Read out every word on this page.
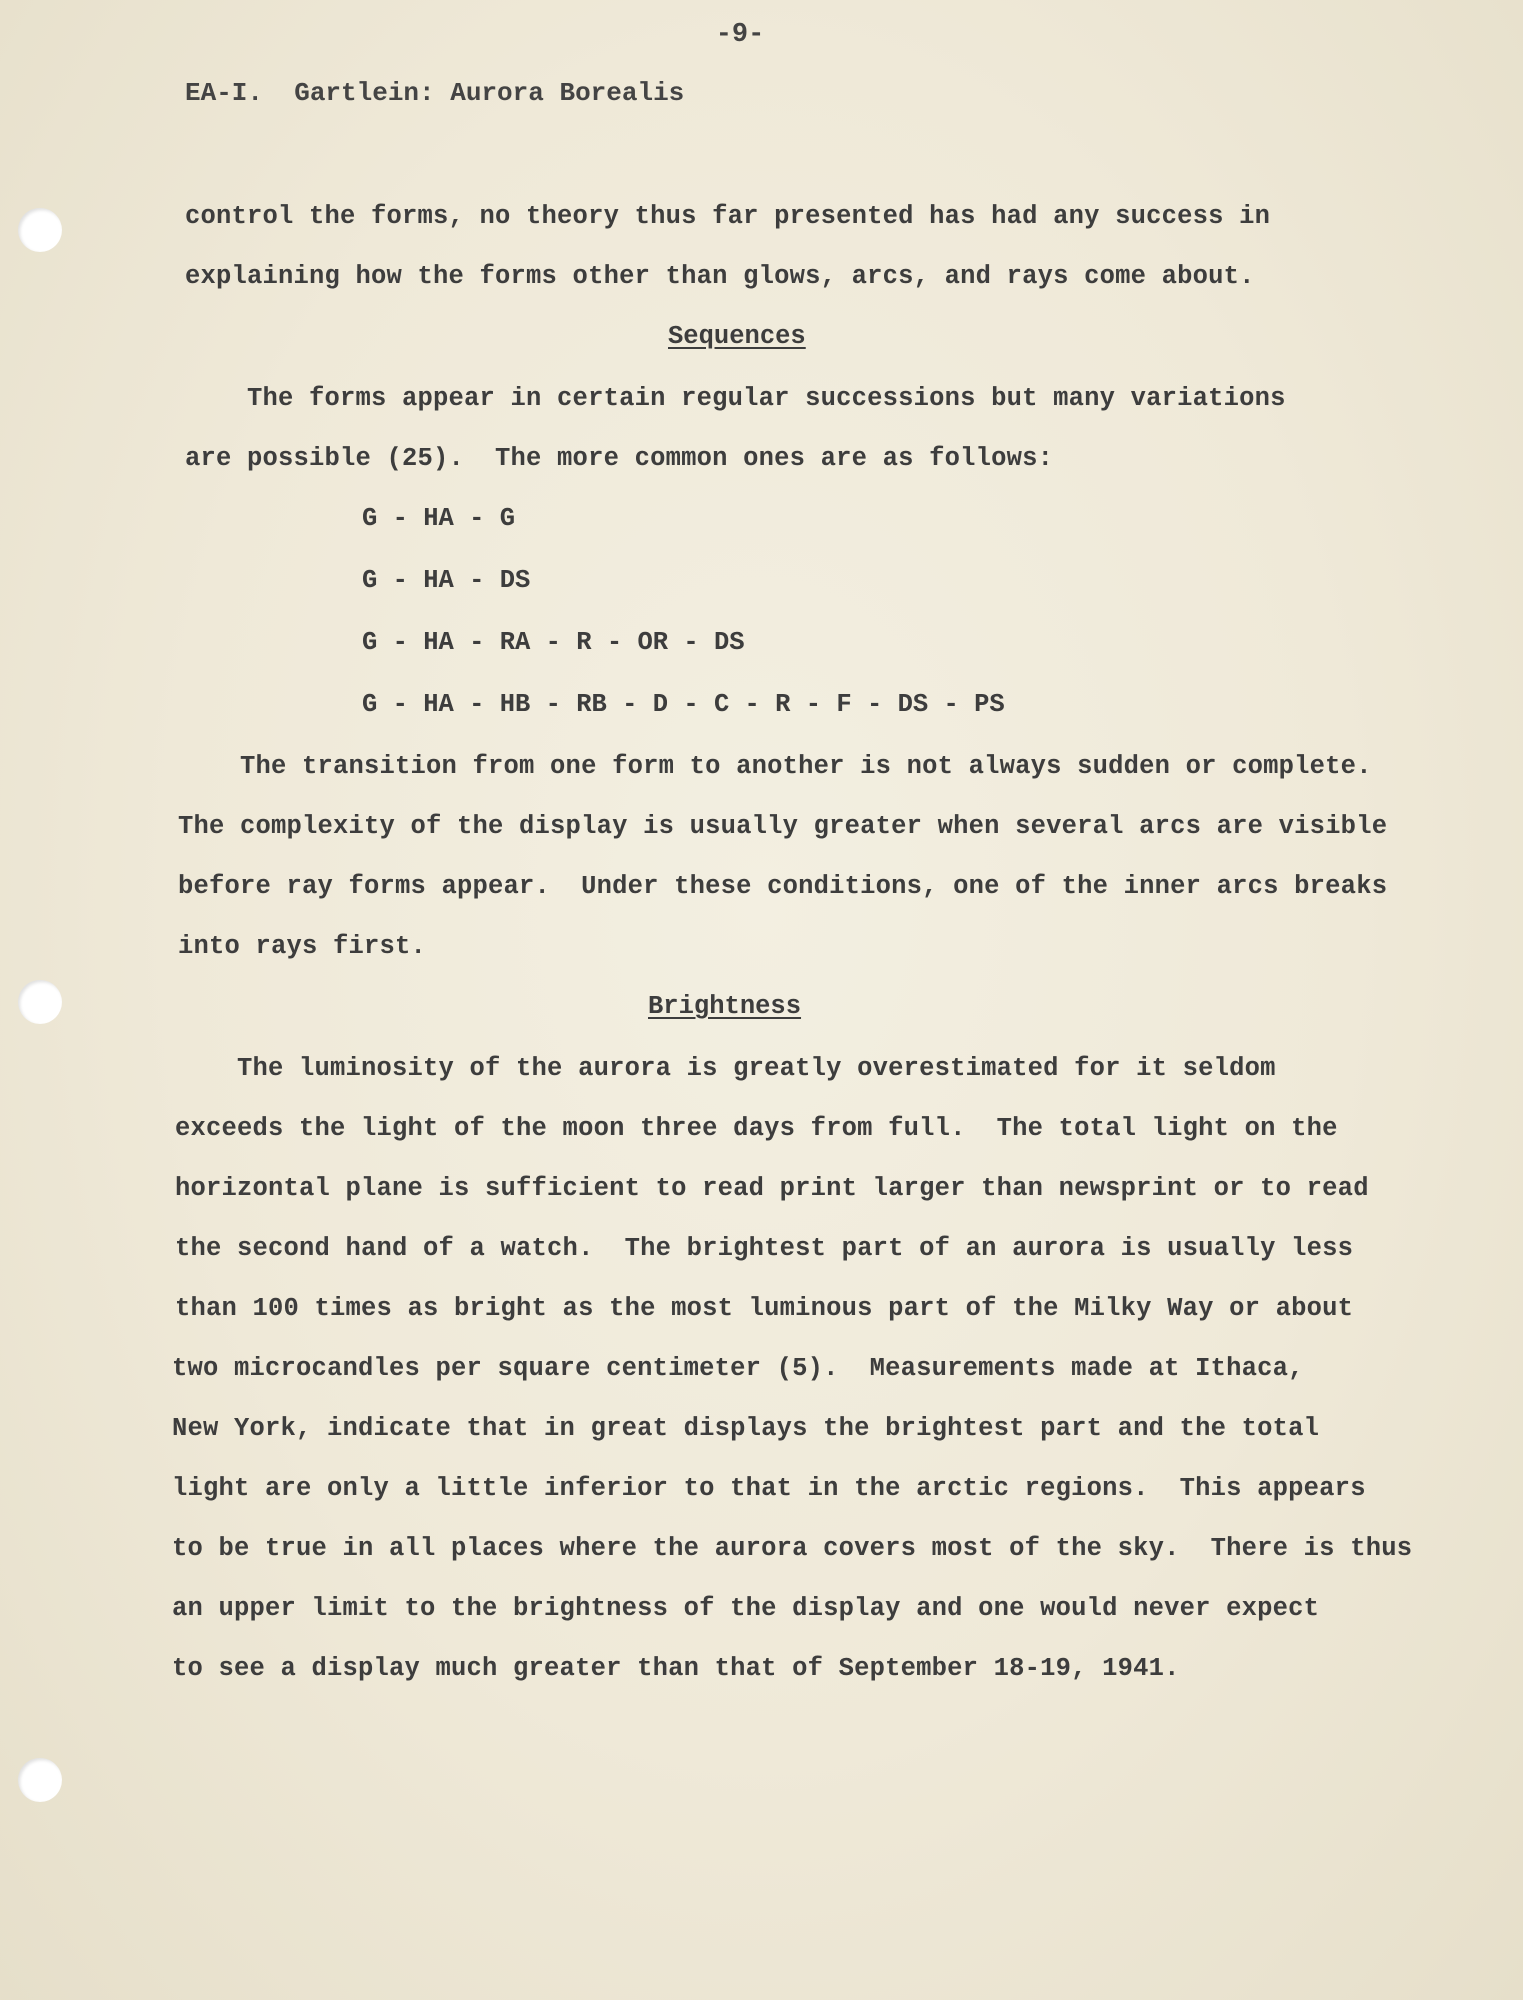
-9-
EA-I.  Gartlein: Aurora Borealis
control the forms, no theory thus far presented has had any success in
explaining how the forms other than glows, arcs, and rays come about.
Sequences
The forms appear in certain regular successions but many variations
are possible (25).  The more common ones are as follows:
G - HA - G
G - HA - DS
G - HA - RA - R - OR - DS
G - HA - HB - RB - D - C - R - F - DS - PS
The transition from one form to another is not always sudden or complete.
The complexity of the display is usually greater when several arcs are visible
before ray forms appear.  Under these conditions, one of the inner arcs breaks
into rays first.
Brightness
The luminosity of the aurora is greatly overestimated for it seldom
exceeds the light of the moon three days from full.  The total light on the
horizontal plane is sufficient to read print larger than newsprint or to read
the second hand of a watch.  The brightest part of an aurora is usually less
than 100 times as bright as the most luminous part of the Milky Way or about
two microcandles per square centimeter (5).  Measurements made at Ithaca,
New York, indicate that in great displays the brightest part and the total
light are only a little inferior to that in the arctic regions.  This appears
to be true in all places where the aurora covers most of the sky.  There is thus
an upper limit to the brightness of the display and one would never expect
to see a display much greater than that of September 18-19, 1941.
